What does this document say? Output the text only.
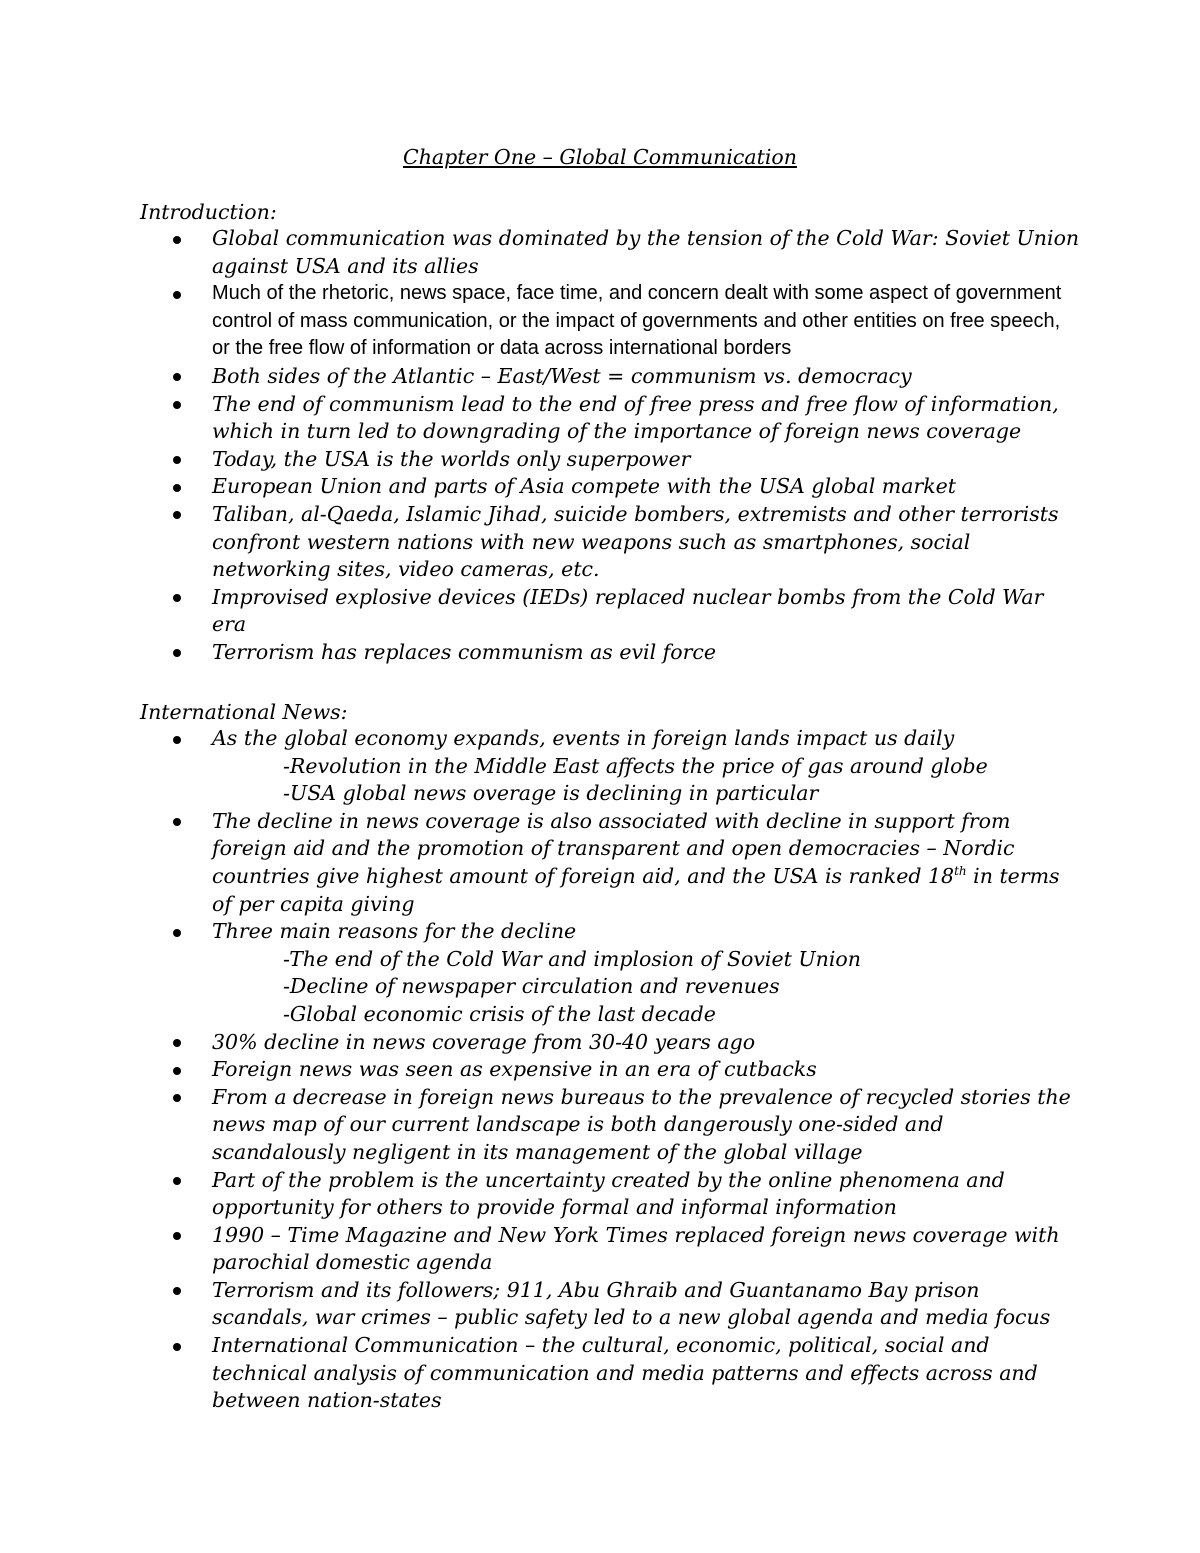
Chapter One – Global Communication
Introduction:
Global communication was dominated by the tension of the Cold War: Soviet Union against USA and its allies
Much of the rhetoric, news space, face time, and concern dealt with some aspect of government control of mass communication, or the impact of governments and other entities on free speech, or the free flow of information or data across international borders
Both sides of the Atlantic – East/West = communism vs. democracy
The end of communism lead to the end of free press and free flow of information, which in turn led to downgrading of the importance of foreign news coverage
Today, the USA is the worlds only superpower
European Union and parts of Asia compete with the USA global market
Taliban, al-Qaeda, Islamic Jihad, suicide bombers, extremists and other terrorists confront western nations with new weapons such as smartphones, social networking sites, video cameras, etc.
Improvised explosive devices (IEDs) replaced nuclear bombs from the Cold War era
Terrorism has replaces communism as evil force
International News:
As the global economy expands, events in foreign lands impact us daily
-Revolution in the Middle East affects the price of gas around globe
-USA global news overage is declining in particular
The decline in news coverage is also associated with decline in support from foreign aid and the promotion of transparent and open democracies – Nordic countries give highest amount of foreign aid, and the USA is ranked 18th in terms of per capita giving
Three main reasons for the decline
-The end of the Cold War and implosion of Soviet Union
-Decline of newspaper circulation and revenues
-Global economic crisis of the last decade
30% decline in news coverage from 30-40 years ago
Foreign news was seen as expensive in an era of cutbacks
From a decrease in foreign news bureaus to the prevalence of recycled stories the news map of our current landscape is both dangerously one-sided and scandalously negligent in its management of the global village
Part of the problem is the uncertainty created by the online phenomena and opportunity for others to provide formal and informal information
1990 – Time Magazine and New York Times replaced foreign news coverage with parochial domestic agenda
Terrorism and its followers; 911, Abu Ghraib and Guantanamo Bay prison scandals, war crimes – public safety led to a new global agenda and media focus
International Communication – the cultural, economic, political, social and technical analysis of communication and media patterns and effects across and between nation-states
